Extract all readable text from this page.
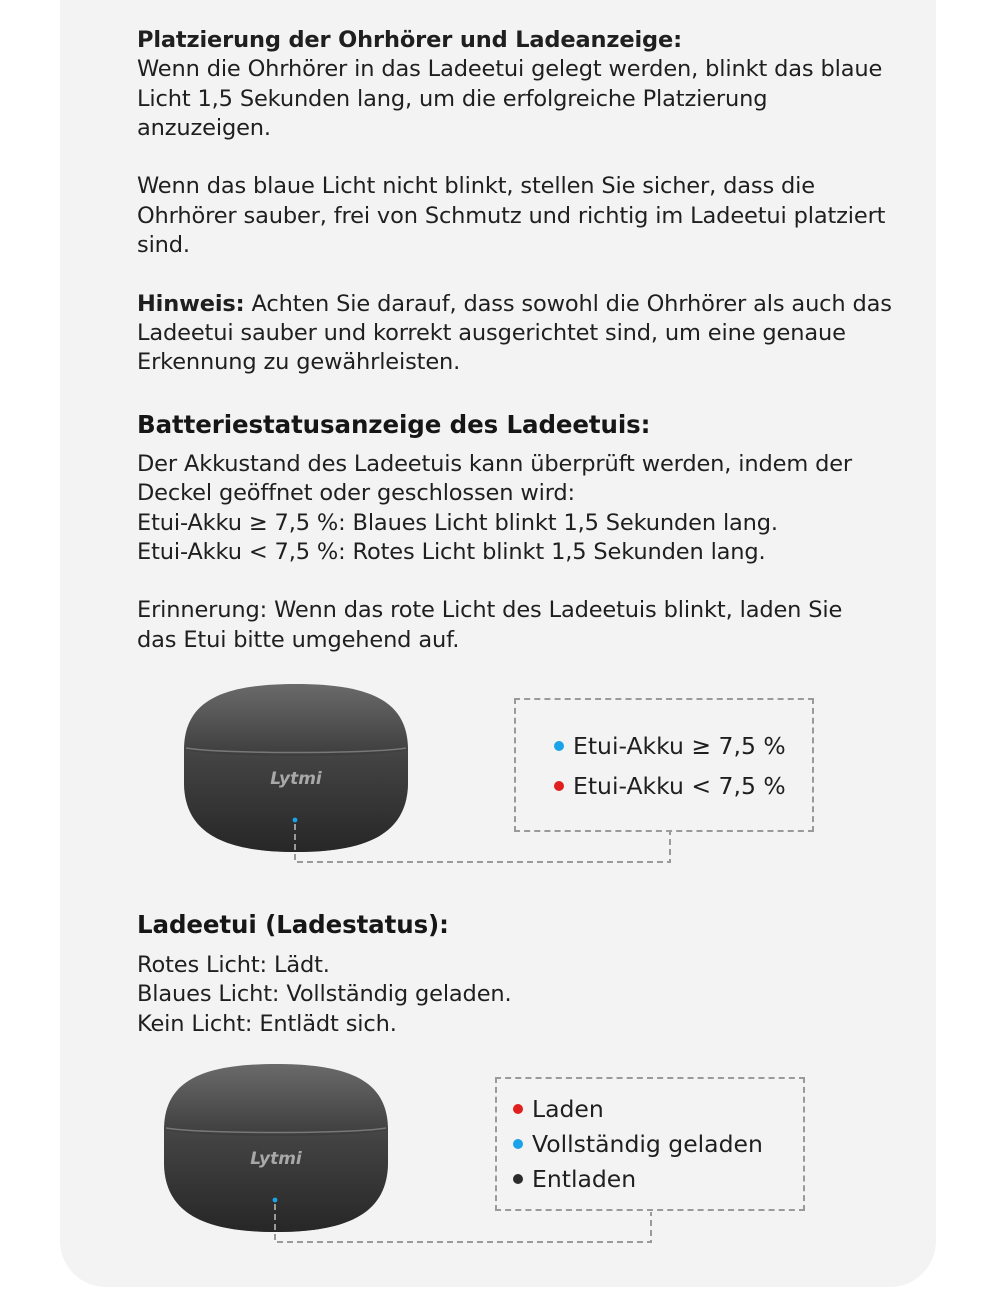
Platzierung der Ohrhörer und Ladeanzeige:

Wenn die Ohrhörer in das Ladeetui gelegt werden, blinkt das blaue Licht 1,5 Sekunden lang, um die erfolgreiche Platzierung anzuzeigen.

Wenn das blaue Licht nicht blinkt, stellen Sie sicher, dass die Ohrhörer sauber, frei von Schmutz und richtig im Ladeetui platziert sind.

Hinweis: Achten Sie darauf, dass sowohl die Ohrhörer als auch das Ladeetui sauber und korrekt ausgerichtet sind, um eine genaue Erkennung zu gewährleisten.

Batteriestatusanzeige des Ladeetuis:

Der Akkustand des Ladeetuis kann überprüft werden, indem der Deckel geöffnet oder geschlossen wird:

Etui-Akku ≥ 7,5 %: Blaues Licht blinkt 1,5 Sekunden lang.

Etui-Akku < 7,5 %: Rotes Licht blinkt 1,5 Sekunden lang.

Erinnerung: Wenn das rote Licht des Ladeetuis blinkt, laden Sie das Etui bitte umgehend auf.

Lytmi
Etui-Akku ≥ 7,5 %
Etui-Akku < 7,5 %
Ladeetui (Ladestatus):

Rotes Licht: Lädt.

Blaues Licht: Vollständig geladen.

Kein Licht: Entlädt sich.

Lytmi
Laden
Vollständig geladen
Entladen
